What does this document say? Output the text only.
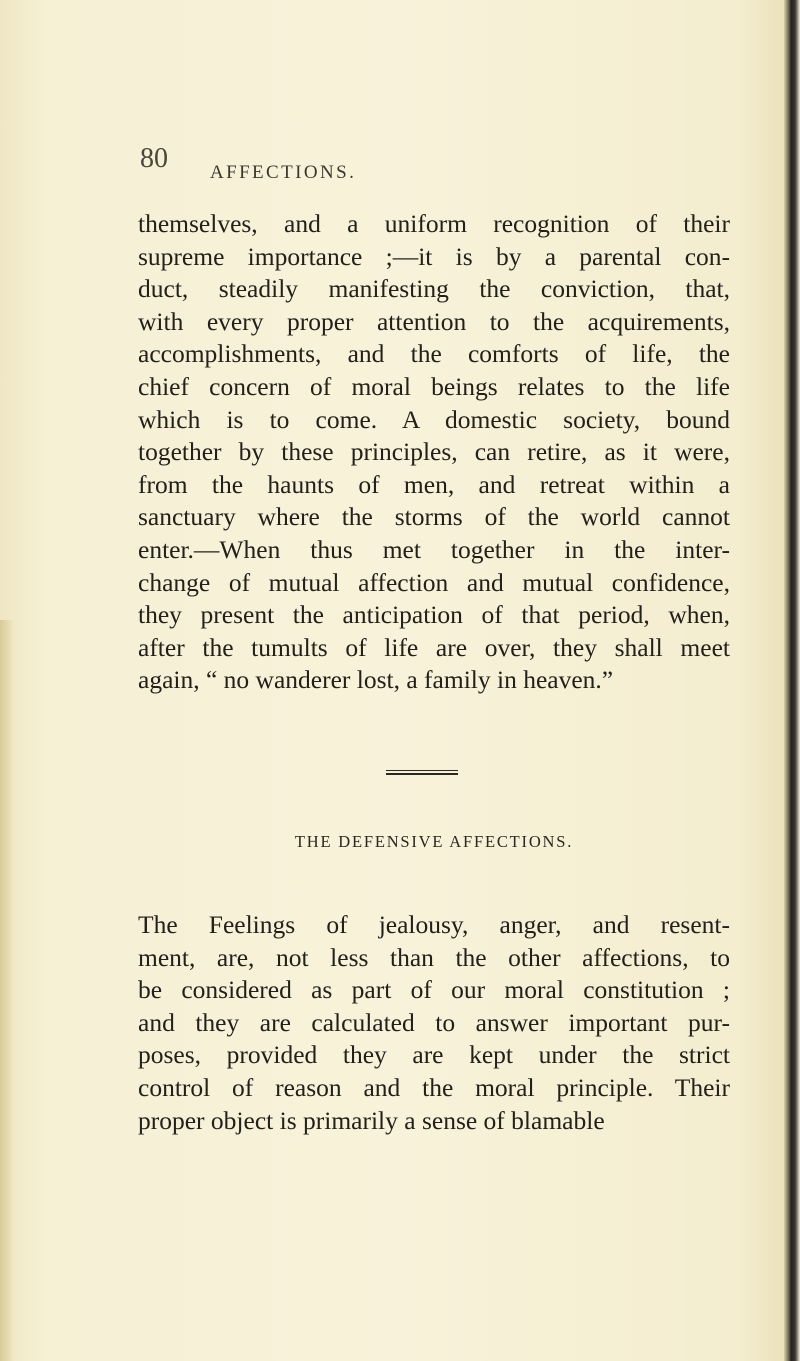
80 AFFECTIONS.
themselves, and a uniform recognition of their
supreme importance ;—it is by a parental con-
duct, steadily manifesting the conviction, that,
with every proper attention to the acquirements,
accomplishments, and the comforts of life, the
chief concern of moral beings relates to the life
which is to come. A domestic society, bound
together by these principles, can retire, as it were,
from the haunts of men, and retreat within a
sanctuary where the storms of the world cannot
enter.—When thus met together in the inter-
change of mutual affection and mutual confidence,
they present the anticipation of that period, when,
after the tumults of life are over, they shall meet
again, “ no wanderer lost, a family in heaven.”
THE DEFENSIVE AFFECTIONS.
The Feelings of jealousy, anger, and resent-
ment, are, not less than the other affections, to
be considered as part of our moral constitution ;
and they are calculated to answer important pur-
poses, provided they are kept under the strict
control of reason and the moral principle. Their
proper object is primarily a sense of blamable
